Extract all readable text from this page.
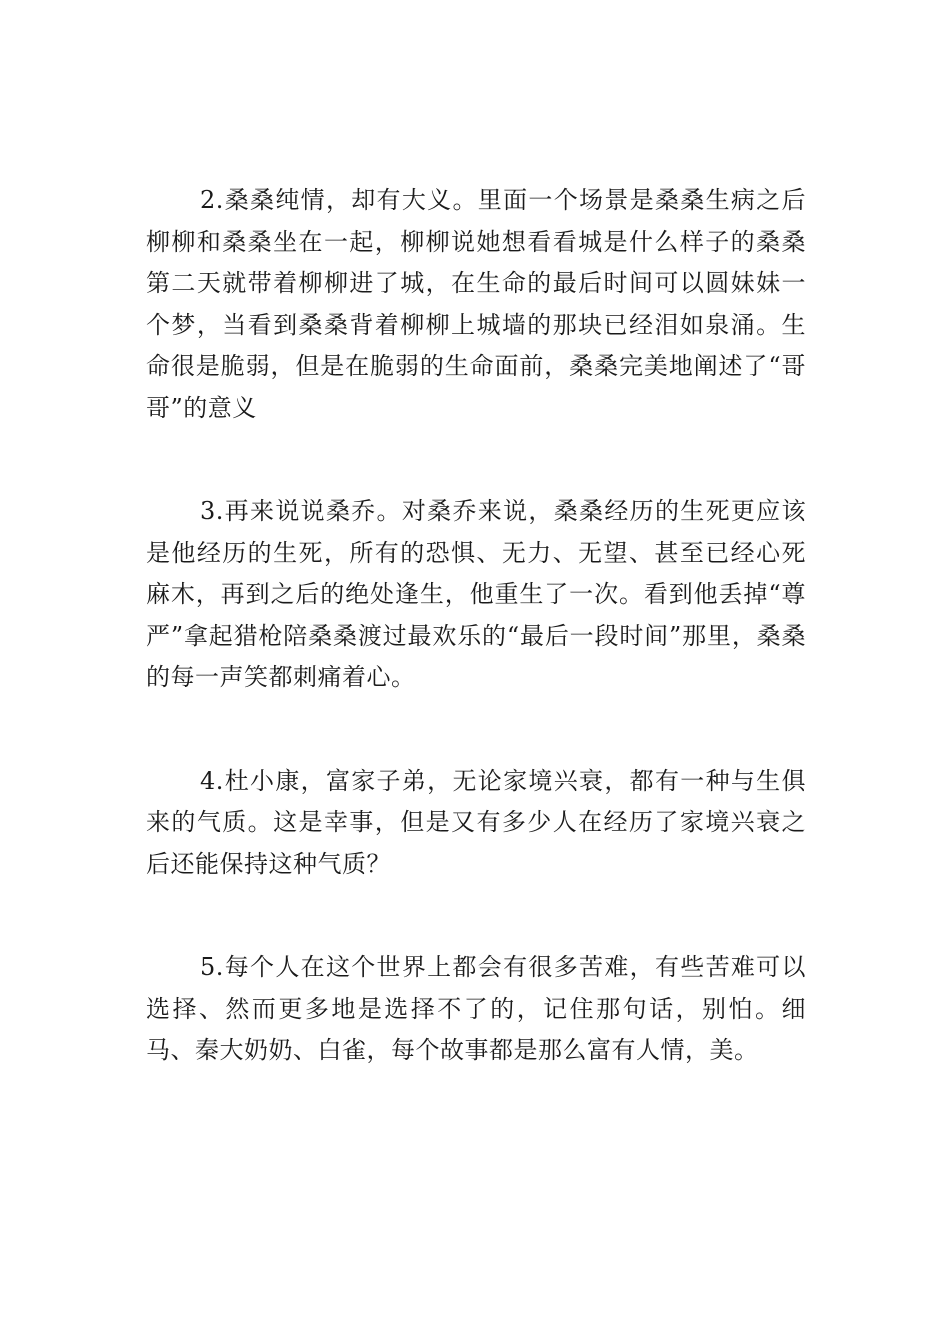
2.桑桑纯情，却有大义。里面一个场景是桑桑生病之后柳柳和桑桑坐在一起，柳柳说她想看看城是什么样子的桑桑第二天就带着柳柳进了城，在生命的最后时间可以圆妹妹一个梦，当看到桑桑背着柳柳上城墙的那块已经泪如泉涌。生命很是脆弱，但是在脆弱的生命面前，桑桑完美地阐述了“哥哥”的意义

3.再来说说桑乔。对桑乔来说，桑桑经历的生死更应该是他经历的生死，所有的恐惧、无力、无望、甚至已经心死麻木，再到之后的绝处逢生，他重生了一次。看到他丢掉“尊严”拿起猎枪陪桑桑渡过最欢乐的“最后一段时间”那里，桑桑的每一声笑都刺痛着心。

4.杜小康，富家子弟，无论家境兴衰，都有一种与生俱来的气质。这是幸事，但是又有多少人在经历了家境兴衰之后还能保持这种气质？

5.每个人在这个世界上都会有很多苦难，有些苦难可以选择、然而更多地是选择不了的，记住那句话，别怕。细马、秦大奶奶、白雀，每个故事都是那么富有人情，美。
